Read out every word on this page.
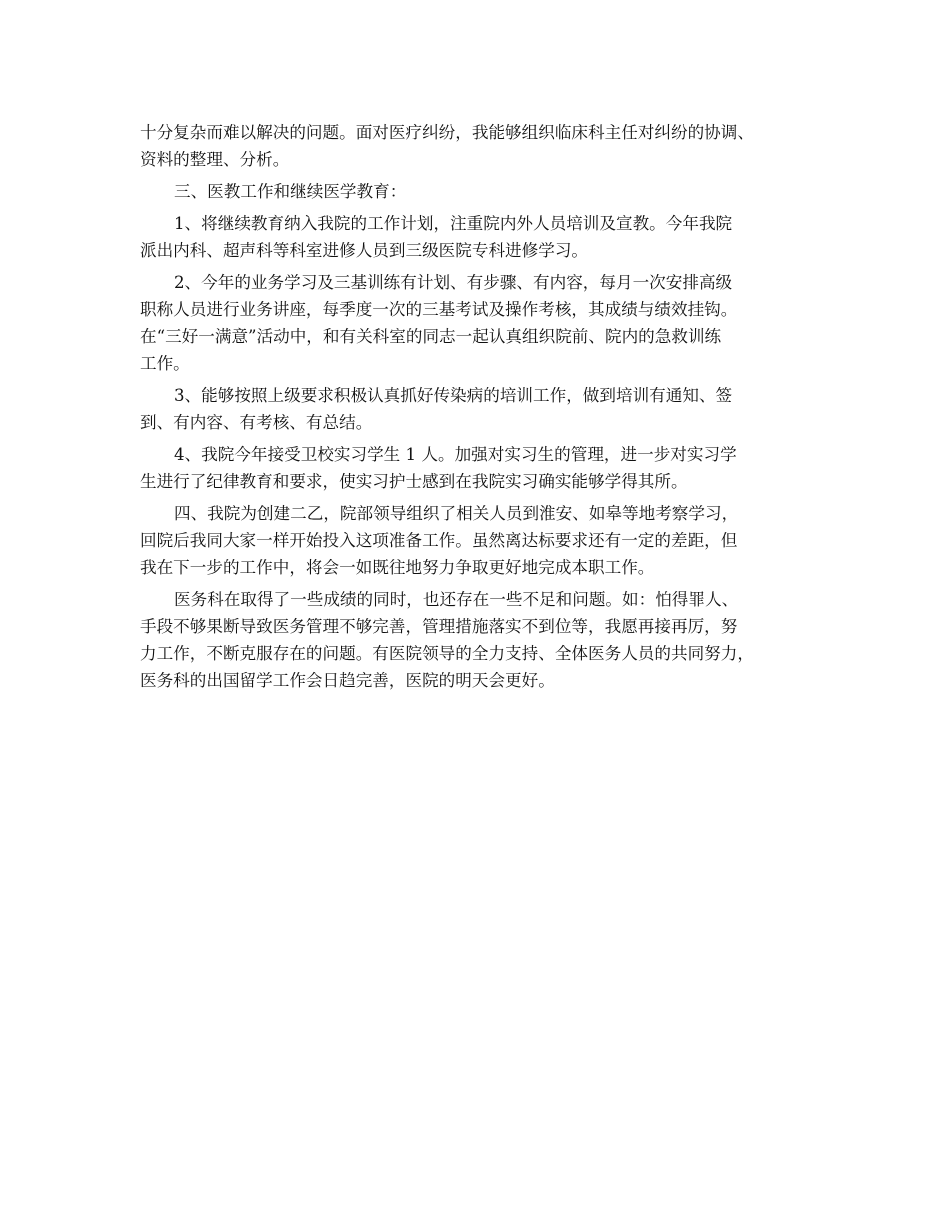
十分复杂而难以解决的问题。面对医疗纠纷，我能够组织临床科主任对纠纷的协调、
资料的整理、分析。

三、医教工作和继续医学教育：

1、将继续教育纳入我院的工作计划，注重院内外人员培训及宣教。今年我院
派出内科、超声科等科室进修人员到三级医院专科进修学习。

2、今年的业务学习及三基训练有计划、有步骤、有内容，每月一次安排高级
职称人员进行业务讲座，每季度一次的三基考试及操作考核，其成绩与绩效挂钩。
在“三好一满意”活动中，和有关科室的同志一起认真组织院前、院内的急救训练
工作。

3、能够按照上级要求积极认真抓好传染病的培训工作，做到培训有通知、签
到、有内容、有考核、有总结。

4、我院今年接受卫校实习学生 1 人。加强对实习生的管理，进一步对实习学
生进行了纪律教育和要求，使实习护士感到在我院实习确实能够学得其所。

四、我院为创建二乙，院部领导组织了相关人员到淮安、如皋等地考察学习，
回院后我同大家一样开始投入这项准备工作。虽然离达标要求还有一定的差距，但
我在下一步的工作中，将会一如既往地努力争取更好地完成本职工作。

医务科在取得了一些成绩的同时，也还存在一些不足和问题。如：怕得罪人、
手段不够果断导致医务管理不够完善，管理措施落实不到位等，我愿再接再厉，努
力工作，不断克服存在的问题。有医院领导的全力支持、全体医务人员的共同努力，
医务科的出国留学工作会日趋完善，医院的明天会更好。
